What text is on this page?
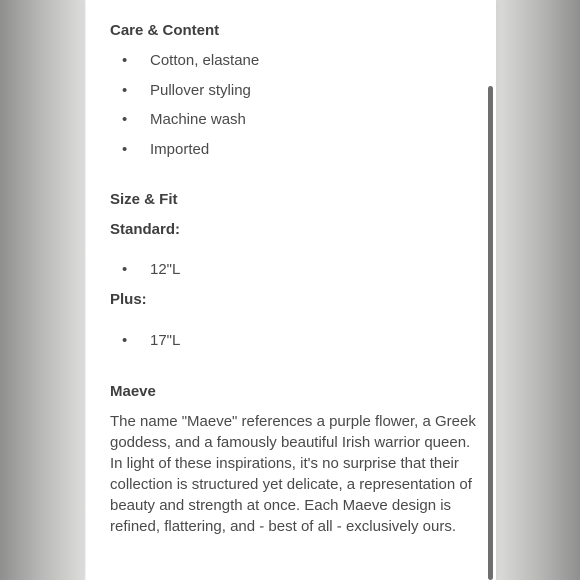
Care & Content
• Cotton, elastane
• Pullover styling
• Machine wash
• Imported
Size & Fit
Standard:
• 12"L
Plus:
• 17"L
Maeve
The name "Maeve" references a purple flower, a Greek goddess, and a famously beautiful Irish warrior queen. In light of these inspirations, it's no surprise that their collection is structured yet delicate, a representation of beauty and strength at once. Each Maeve design is refined, flattering, and - best of all - exclusively ours.
